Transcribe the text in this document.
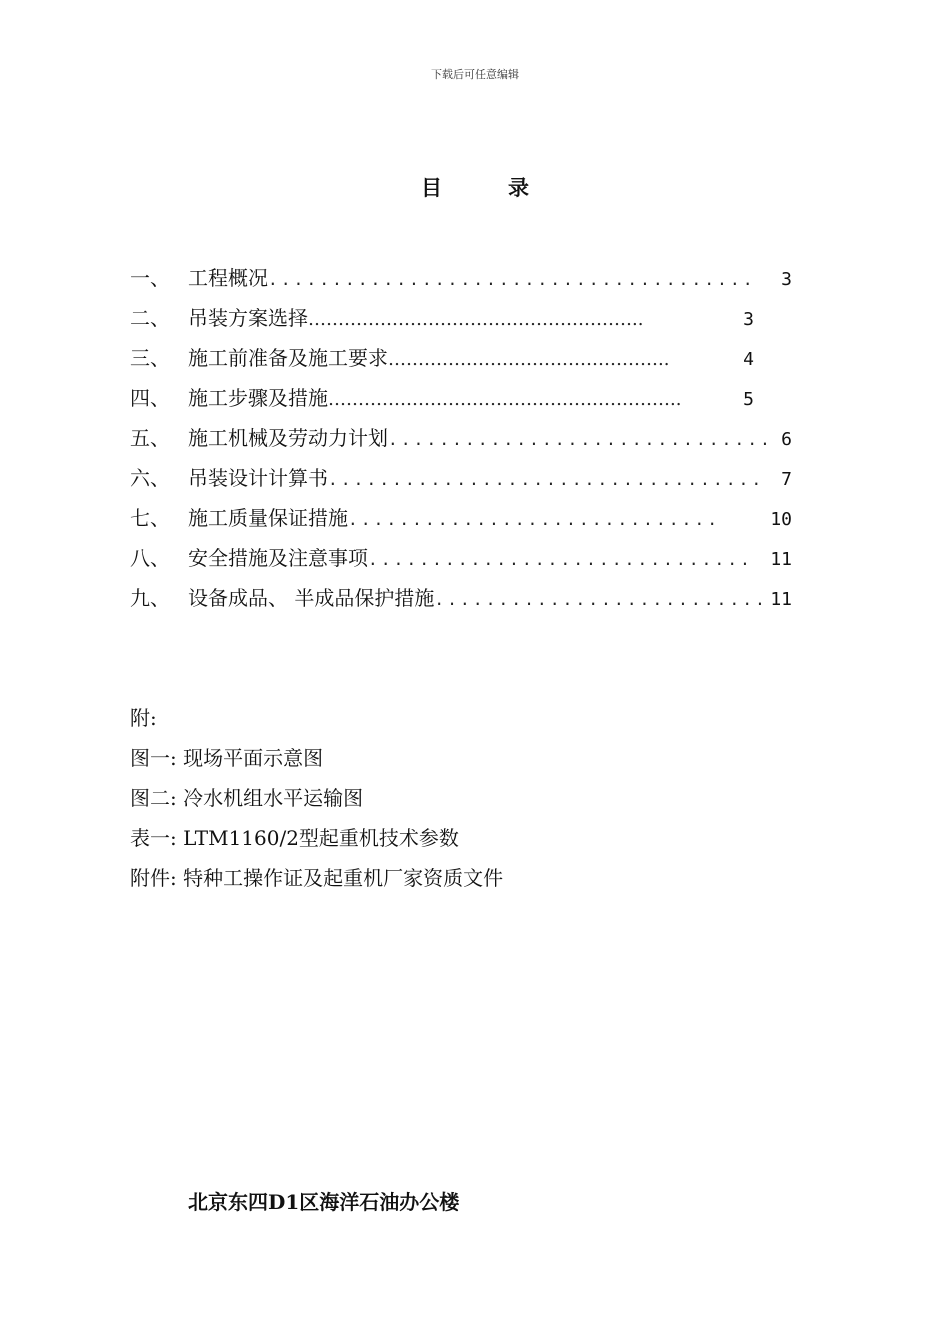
下载后可任意编辑
目	录
一、 工程概况 ......................................	3
二、 吊装方案选择 ………………………………………………..	3
三、 施工前准备及施工要求 ………………………………………..	4
四、 施工步骤及措施 …………………………………………………..	5
五、 施工机械及劳动力计划 .............................. 6
六、 吊装设计计算书 .................................. 7
七、 施工质量保证措施 .............................	10
八、 安全措施及注意事项 .............................. 11
九、 设备成品、 半成品保护措施 .......................... 11
附:
图一: 现场平面示意图
图二: 冷水机组水平运输图
表一: LTM1160/2型起重机技术参数
附件: 特种工操作证及起重机厂家资质文件
北京东四D1区海洋石油办公楼
